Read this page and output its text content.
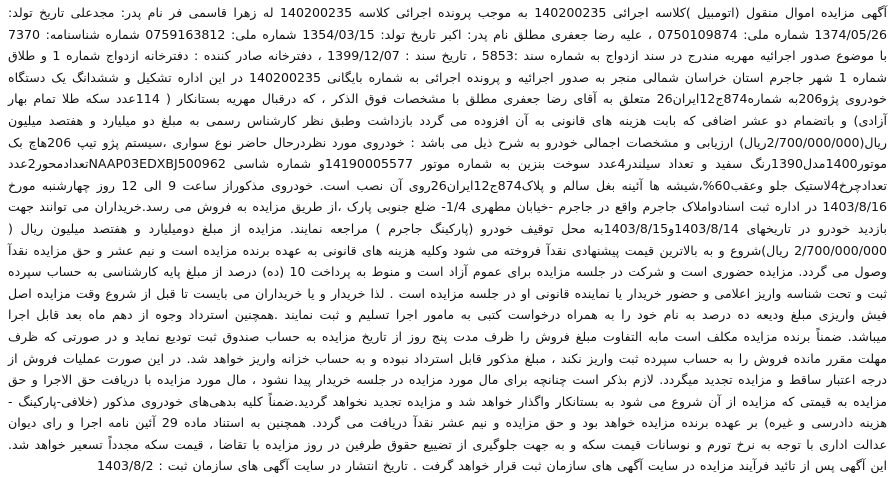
آگهی مزایده اموال منقول (اتومبیل )کلاسه اجرائی 140200235 به موجب پرونده اجرائی کلاسه 140200235 له زهرا قاسمی فر نام پدر: مجدعلی تاریخ تولد: 1374/05/26 شماره ملی: 0750109874 ، علیه رضا جعفری مطلق نام پدر: اکبر تاریخ تولد: 1354/03/15 شماره ملی: 0759163812 شماره شناسنامه: 7370 با موضوع صدور اجرائیه مهریه مندرج در سند ازدواج به شماره سند :5853 ، تاریخ سند : 1399/12/07 ، دفترخانه صادر کننده : دفترخانه ازدواج شماره 1 و طلاق شماره 1 شهر جاجرم استان خراسان شمالی منجر به صدور اجرائیه و پرونده اجرائی به شماره بایگانی 140200235 در این اداره تشکیل و ششدانگ یک دستگاه خودروی پژو206به شماره874ج12ایران26 متعلق به آقای رضا جعفری مطلق با مشخصات فوق الذکر ، که درقبال مهریه بستانکار ( 114عدد سکه طلا تمام بهار آزادی) و باتضمام دو عشر اضافی که بابت هزینه های قانونی به آن افزوده می گردد بازداشت وطبق نظر کارشناس رسمی به مبلغ دو میلیارد و هفتصد میلیون ریال(2/700/000/000ریال) ارزیابی و مشخصات اجمالی خودرو به شرح ذیل می باشد : خودروی مورد نظردرحال حاضر نوع سواری ،سیستم پژو تیپ 206هاچ بک موتور1400مدل1390رنگ سفید و تعداد سیلندر4عدد سوخت بنزین به شماره موتور 14190005577و شماره شاسی NAAP03EDXBJ500962تعدادمحور2عدد تعدادچرخ4لاستیک جلو وعقب60%،شیشه ها آئینه بغل سالم و پلاک874ج12ایران26روی آن نصب است. خودروی مذکوراز ساعت 9 الی 12 روز چهارشنبه مورخ 1403/8/16 در اداره ثبت اسنادواملاک جاجرم واقع در جاجرم -خیابان مطهری 1/4- ضلع جنوبی پارک ،از طریق مزایده به فروش می رسد.خریداران می توانند جهت بازدید خودرو در تاریخهای 1403/8/14و1403/8/15به محل توقیف خودرو (پارکینگ جاجرم ) مراجعه نمایند. مزایده از مبلغ دومیلیارد و هفتصد میلیون ریال ( 2/700/000/000 ریال)شروع و به بالاترین قیمت پیشنهادی نقدآ فروخته می شود وکلیه هزینه های قانونی به عهده برنده مزایده است و نیم عشر و حق مزایده نقدآ وصول می گردد. مزایده حضوری است و شرکت در جلسه مزایده برای عموم آزاد است و منوط به پرداخت 10 (ده) درصد از مبلغ پایه کارشناسی به حساب سپرده ثبت و تحت شناسه واریز اعلامی و حضور خریدار یا نماینده قانونی او در جلسه مزایده است . لذا خریدار و یا خریداران می بایست تا قبل از شروع وقت مزایده اصل فیش واریزی مبلغ ودیعه ده درصد به نام خود را به همراه درخواست کتبی به مامور اجرا تسلیم و ثبت نمایند .همچنین استرداد وجوه از دهم ماه بعد قابل اجرا میباشد. ضمناً برنده مزایده مکلف است مابه التفاوت مبلغ فروش را ظرف مدت پنج روز از تاریخ مزایده به حساب صندوق ثبت تودیع نماید و در صورتی که ظرف مهلت مقرر مانده فروش را به حساب سپرده ثبت واریز نکند ، مبلغ مذکور قابل استرداد نبوده و به حساب خزانه واریز خواهد شد. در این صورت عملیات فروش از درجه اعتبار ساقط و مزایده تجدید میگردد. لازم بذکر است چنانچه برای مال مورد مزایده در جلسه خریدار پیدا نشود ، مال مورد مزایده با دریافت حق الاجرا و حق مزایده به قیمتی که مزایده از آن شروع می شود به بستانکار واگذار خواهد شد و مزایده تجدید نخواهد گردید.ضمناً کلیه بدهی‌های خودروی مذکور (خلافی-پارکینگ - هزینه دادرسی و غیره) بر عهده برنده مزایده خواهد بود و حق مزایده و نیم عشر نقدآ دریافت می گردد. همچنین به استناد ماده 29 آئین نامه اجرا و رای دیوان عدالت اداری با توجه به نرخ تورم و نوسانات قیمت سکه و به جهت جلوگیری از تضییع حقوق طرفین در روز مزایده با تقاضا ، قیمت سکه مجدداً تسعیر خواهد شد. این آگهی پس از تائید فرآیند مزایده در سایت آگهی های سازمان ثبت قرار خواهد گرفت . تاریخ انتشار در سایت آگهی های سازمان ثبت : 1403/8/2
